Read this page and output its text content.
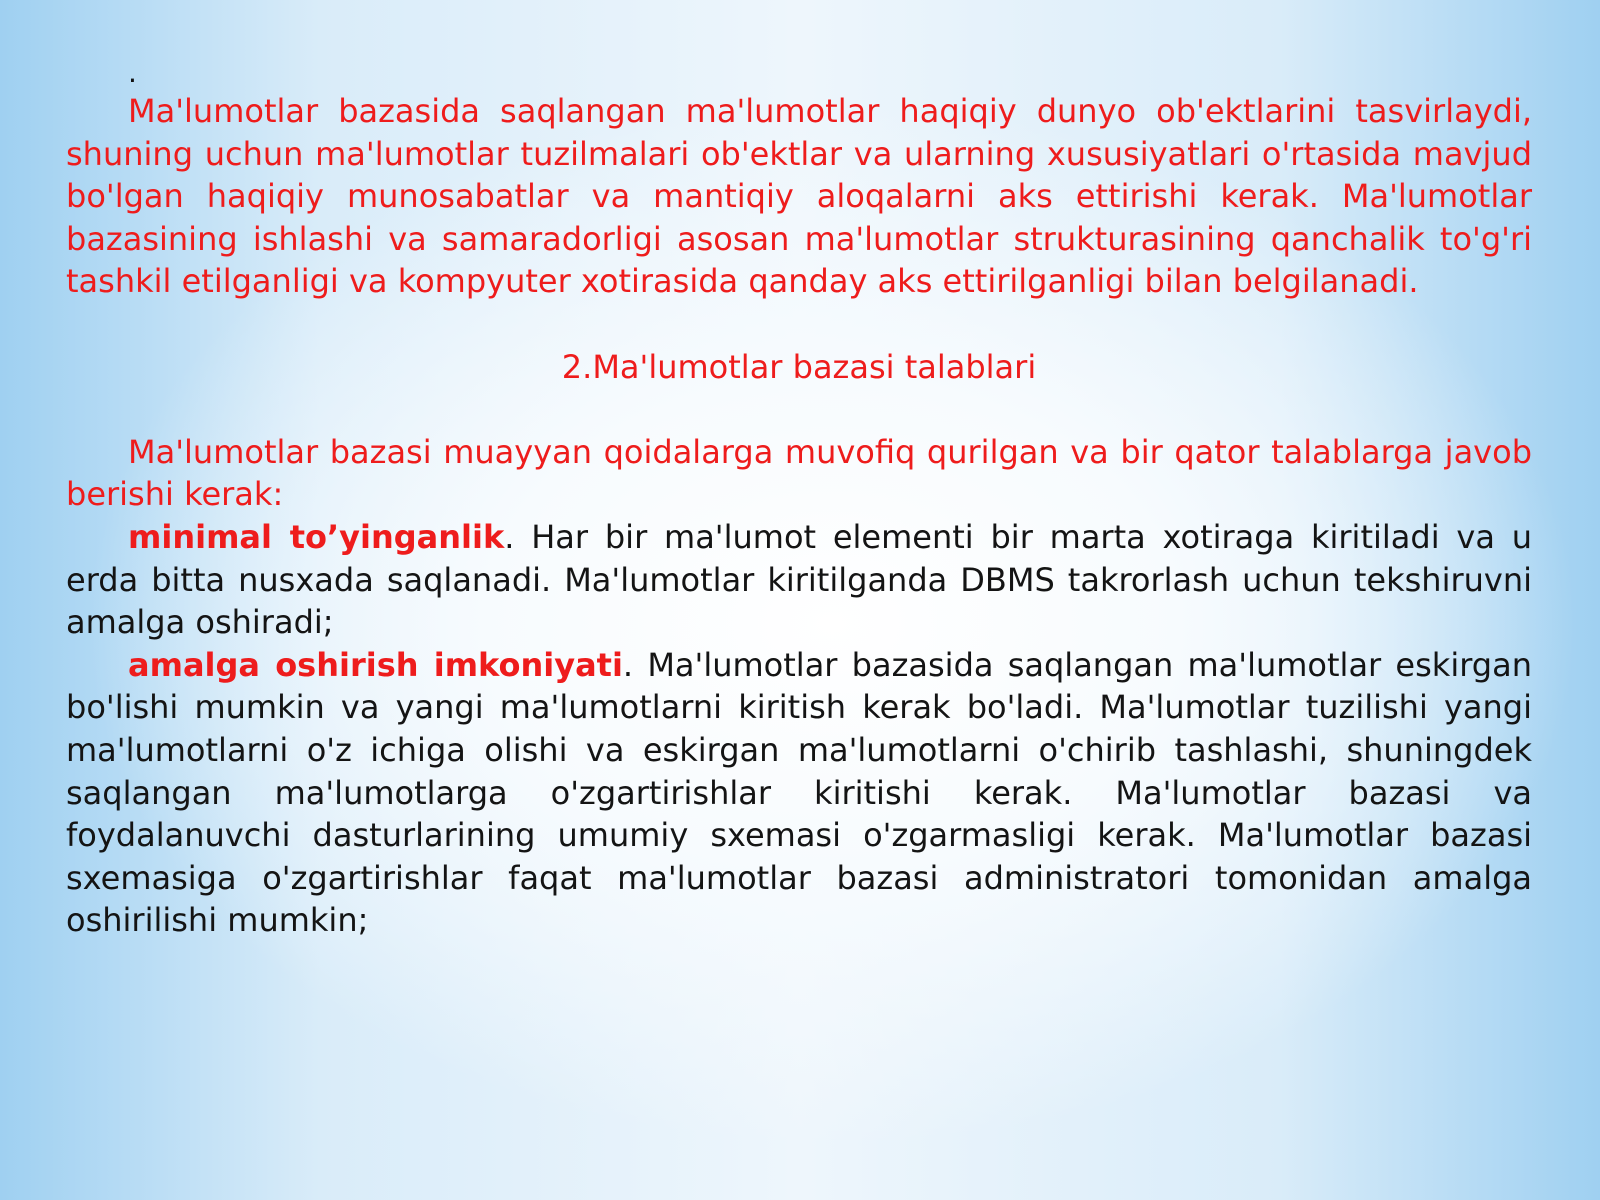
.

Ma'lumotlar bazasida saqlangan ma'lumotlar haqiqiy dunyo ob'ektlarini tasvirlaydi, shuning uchun ma'lumotlar tuzilmalari ob'ektlar va ularning xususiyatlari o'rtasida mavjud bo'lgan haqiqiy munosabatlar va mantiqiy aloqalarni aks ettirishi kerak. Ma'lumotlar bazasining ishlashi va samaradorligi asosan ma'lumotlar strukturasining qanchalik to'g'ri tashkil etilganligi va kompyuter xotirasida qanday aks ettirilganligi bilan belgilanadi.

2.Ma'lumotlar bazasi talablari

Ma'lumotlar bazasi muayyan qoidalarga muvofiq qurilgan va bir qator talablarga javob berishi kerak:

minimal to’yinganlik. Har bir ma'lumot elementi bir marta xotiraga kiritiladi va u erda bitta nusxada saqlanadi. Ma'lumotlar kiritilganda DBMS takrorlash uchun tekshiruvni amalga oshiradi;

amalga oshirish imkoniyati. Ma'lumotlar bazasida saqlangan ma'lumotlar eskirgan bo'lishi mumkin va yangi ma'lumotlarni kiritish kerak bo'ladi. Ma'lumotlar tuzilishi yangi ma'lumotlarni o'z ichiga olishi va eskirgan ma'lumotlarni o'chirib tashlashi, shuningdek saqlangan ma'lumotlarga o'zgartirishlar kiritishi kerak. Ma'lumotlar bazasi va foydalanuvchi dasturlarining umumiy sxemasi o'zgarmasligi kerak. Ma'lumotlar bazasi sxemasiga o'zgartirishlar faqat ma'lumotlar bazasi administratori tomonidan amalga oshirilishi mumkin;
